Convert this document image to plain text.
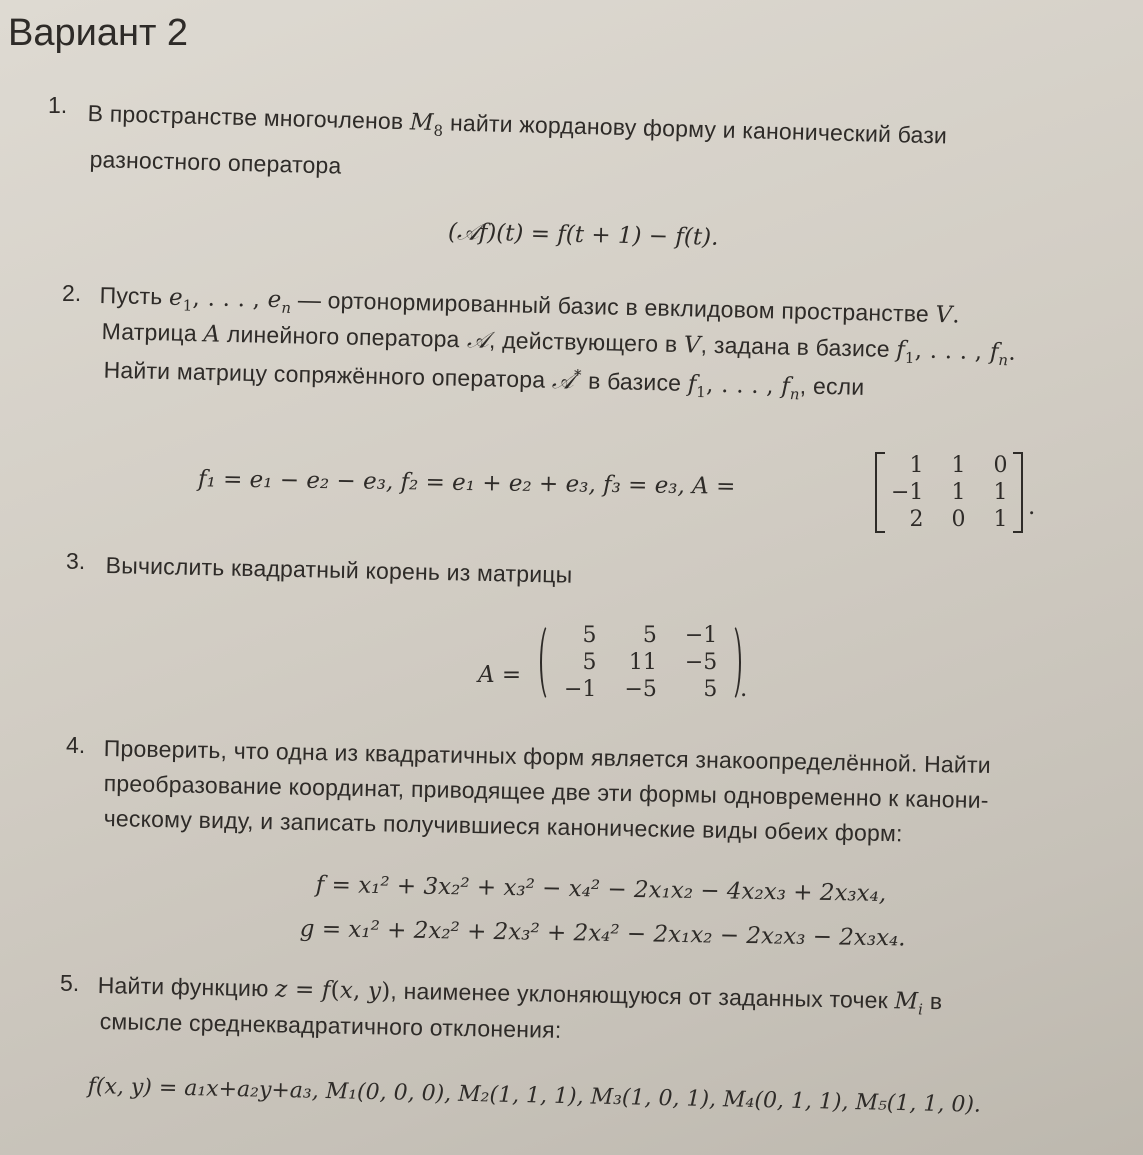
Вариант 2
1. В пространстве многочленов $M_8$ найти жорданову форму и канонический бази
разностного оператора
(𝒜f)(t) = f(t + 1) − f(t).
2. Пусть $e_1$, . . . , $e_n$ — ортонормированный базис в евклидовом пространстве V.
Матрица A линейного оператора 𝒜, действующего в V, задана в базисе $f_1$, . . . , $f_n$.
Найти матрицу сопряжённого оператора 𝒜* в базисе $f_1$, . . . , $f_n$, если
f₁ = e₁ − e₂ − e₃, f₂ = e₁ + e₂ + e₃, f₃ = e₃, A =
1	1	0
−1	1	1
2	0	1 .
3. Вычислить квадратный корень из матрицы
A =
5	5	−1
5	11	−5
−1	−5	5 .
4. Проверить, что одна из квадратичных форм является знакоопределённой. Найти
преобразование координат, приводящее две эти формы одновременно к канони-
ческому виду, и записать получившиеся канонические виды обеих форм:
f = x₁² + 3x₂² + x₃² − x₄² − 2x₁x₂ − 4x₂x₃ + 2x₃x₄,
g = x₁² + 2x₂² + 2x₃² + 2x₄² − 2x₁x₂ − 2x₂x₃ − 2x₃x₄.
5. Найти функцию z = f(x, y), наименее уклоняющуюся от заданных точек $M_i$ в
смысле среднеквадратичного отклонения:
f(x, y) = a₁x+a₂y+a₃, M₁(0, 0, 0), M₂(1, 1, 1), M₃(1, 0, 1), M₄(0, 1, 1), M₅(1, 1, 0).
